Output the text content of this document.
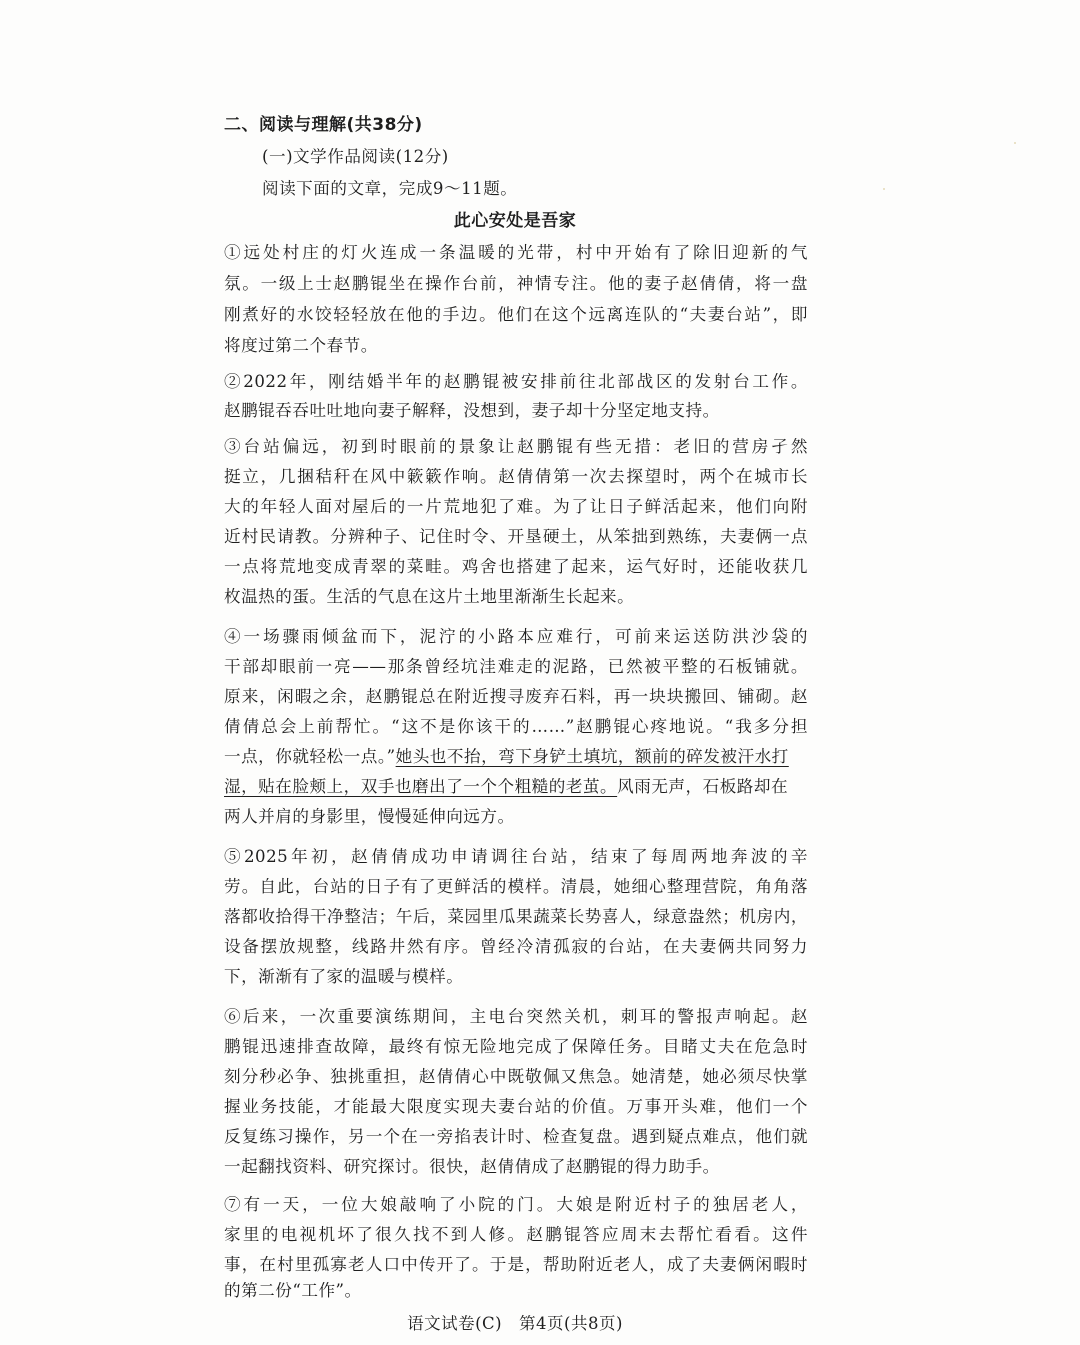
二、阅读与理解(共38分)
(一)文学作品阅读(12分)
阅读下面的文章，完成9～11题。
此心安处是吾家
①远处村庄的灯火连成一条温暖的光带，村中开始有了除旧迎新的气
氛。一级上士赵鹏锟坐在操作台前，神情专注。他的妻子赵倩倩，将一盘
刚煮好的水饺轻轻放在他的手边。他们在这个远离连队的“夫妻台站”，即
将度过第二个春节。
②2022年，刚结婚半年的赵鹏锟被安排前往北部战区的发射台工作。
赵鹏锟吞吞吐吐地向妻子解释，没想到，妻子却十分坚定地支持。
③台站偏远，初到时眼前的景象让赵鹏锟有些无措：老旧的营房孑然
挺立，几捆秸秆在风中簌簌作响。赵倩倩第一次去探望时，两个在城市长
大的年轻人面对屋后的一片荒地犯了难。为了让日子鲜活起来，他们向附
近村民请教。分辨种子、记住时令、开垦硬土，从笨拙到熟练，夫妻俩一点
一点将荒地变成青翠的菜畦。鸡舍也搭建了起来，运气好时，还能收获几
枚温热的蛋。生活的气息在这片土地里渐渐生长起来。
④一场骤雨倾盆而下，泥泞的小路本应难行，可前来运送防洪沙袋的
干部却眼前一亮——那条曾经坑洼难走的泥路，已然被平整的石板铺就。
原来，闲暇之余，赵鹏锟总在附近搜寻废弃石料，再一块块搬回、铺砌。赵
倩倩总会上前帮忙。“这不是你该干的……”赵鹏锟心疼地说。“我多分担
一点，你就轻松一点。”她头也不抬，弯下身铲土填坑，额前的碎发被汗水打
湿，贴在脸颊上，双手也磨出了一个个粗糙的老茧。风雨无声，石板路却在
两人并肩的身影里，慢慢延伸向远方。
⑤2025年初，赵倩倩成功申请调往台站，结束了每周两地奔波的辛
劳。自此，台站的日子有了更鲜活的模样。清晨，她细心整理营院，角角落
落都收拾得干净整洁；午后，菜园里瓜果蔬菜长势喜人，绿意盎然；机房内，
设备摆放规整，线路井然有序。曾经冷清孤寂的台站，在夫妻俩共同努力
下，渐渐有了家的温暖与模样。
⑥后来，一次重要演练期间，主电台突然关机，刺耳的警报声响起。赵
鹏锟迅速排查故障，最终有惊无险地完成了保障任务。目睹丈夫在危急时
刻分秒必争、独挑重担，赵倩倩心中既敬佩又焦急。她清楚，她必须尽快掌
握业务技能，才能最大限度实现夫妻台站的价值。万事开头难，他们一个
反复练习操作，另一个在一旁掐表计时、检查复盘。遇到疑点难点，他们就
一起翻找资料、研究探讨。很快，赵倩倩成了赵鹏锟的得力助手。
⑦有一天，一位大娘敲响了小院的门。大娘是附近村子的独居老人，
家里的电视机坏了很久找不到人修。赵鹏锟答应周末去帮忙看看。这件
事，在村里孤寡老人口中传开了。于是，帮助附近老人，成了夫妻俩闲暇时
的第二份“工作”。
语文试卷(C)　第4页(共8页)
